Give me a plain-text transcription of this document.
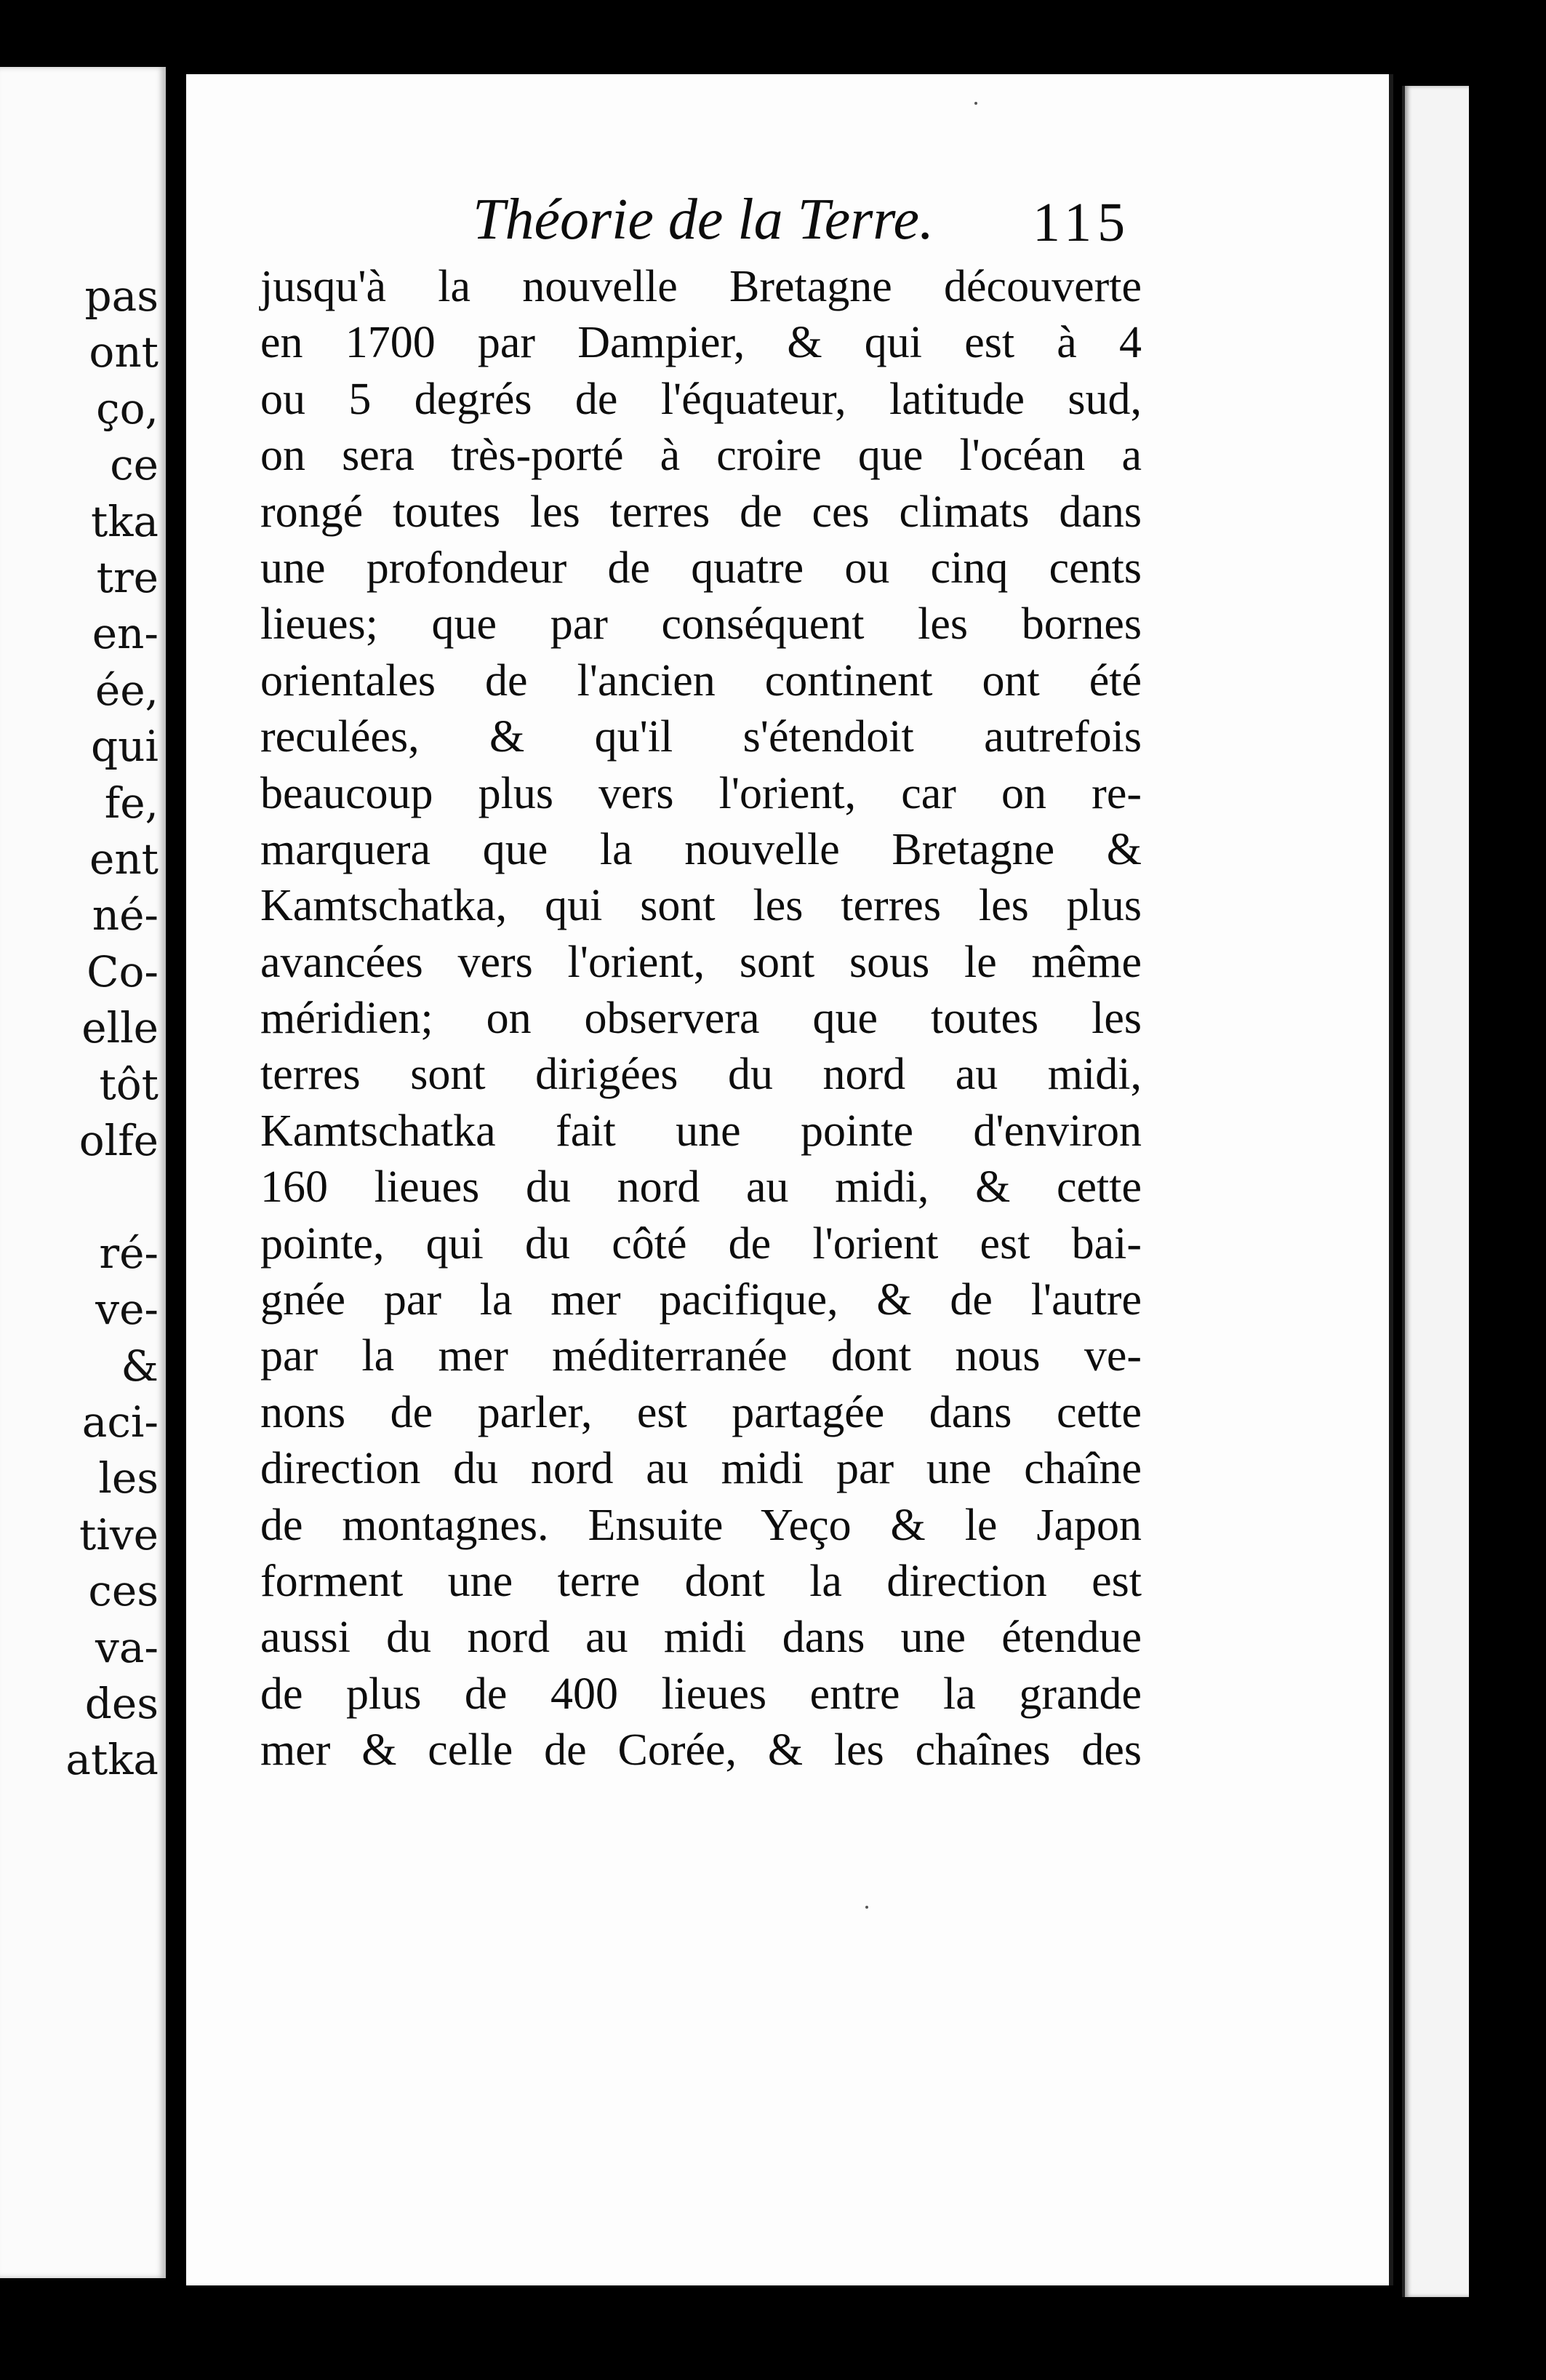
pas
ont
ço,
ce
tka
tre
en-
ée,
qui
fe,
ent
né-
Co-
elle
tôt
olfe
ré-
ve-
&
aci-
les
tive
ces
va-
des
atka
Théorie de la Terre. 115
jusqu'à la nouvelle Bretagne découverte
en 1700 par Dampier, & qui est à 4
ou 5 degrés de l'équateur, latitude sud,
on sera très-porté à croire que l'océan a
rongé toutes les terres de ces climats dans
une profondeur de quatre ou cinq cents
lieues; que par conséquent les bornes
orientales de l'ancien continent ont été
reculées, & qu'il s'étendoit autrefois
beaucoup plus vers l'orient, car on re-
marquera que la nouvelle Bretagne &
Kamtschatka, qui sont les terres les plus
avancées vers l'orient, sont sous le même
méridien; on observera que toutes les
terres sont dirigées du nord au midi,
Kamtschatka fait une pointe d'environ
160 lieues du nord au midi, & cette
pointe, qui du côté de l'orient est bai-
gnée par la mer pacifique, & de l'autre
par la mer méditerranée dont nous ve-
nons de parler, est partagée dans cette
direction du nord au midi par une chaîne
de montagnes. Ensuite Yeço & le Japon
forment une terre dont la direction est
aussi du nord au midi dans une étendue
de plus de 400 lieues entre la grande
mer & celle de Corée, & les chaînes des
